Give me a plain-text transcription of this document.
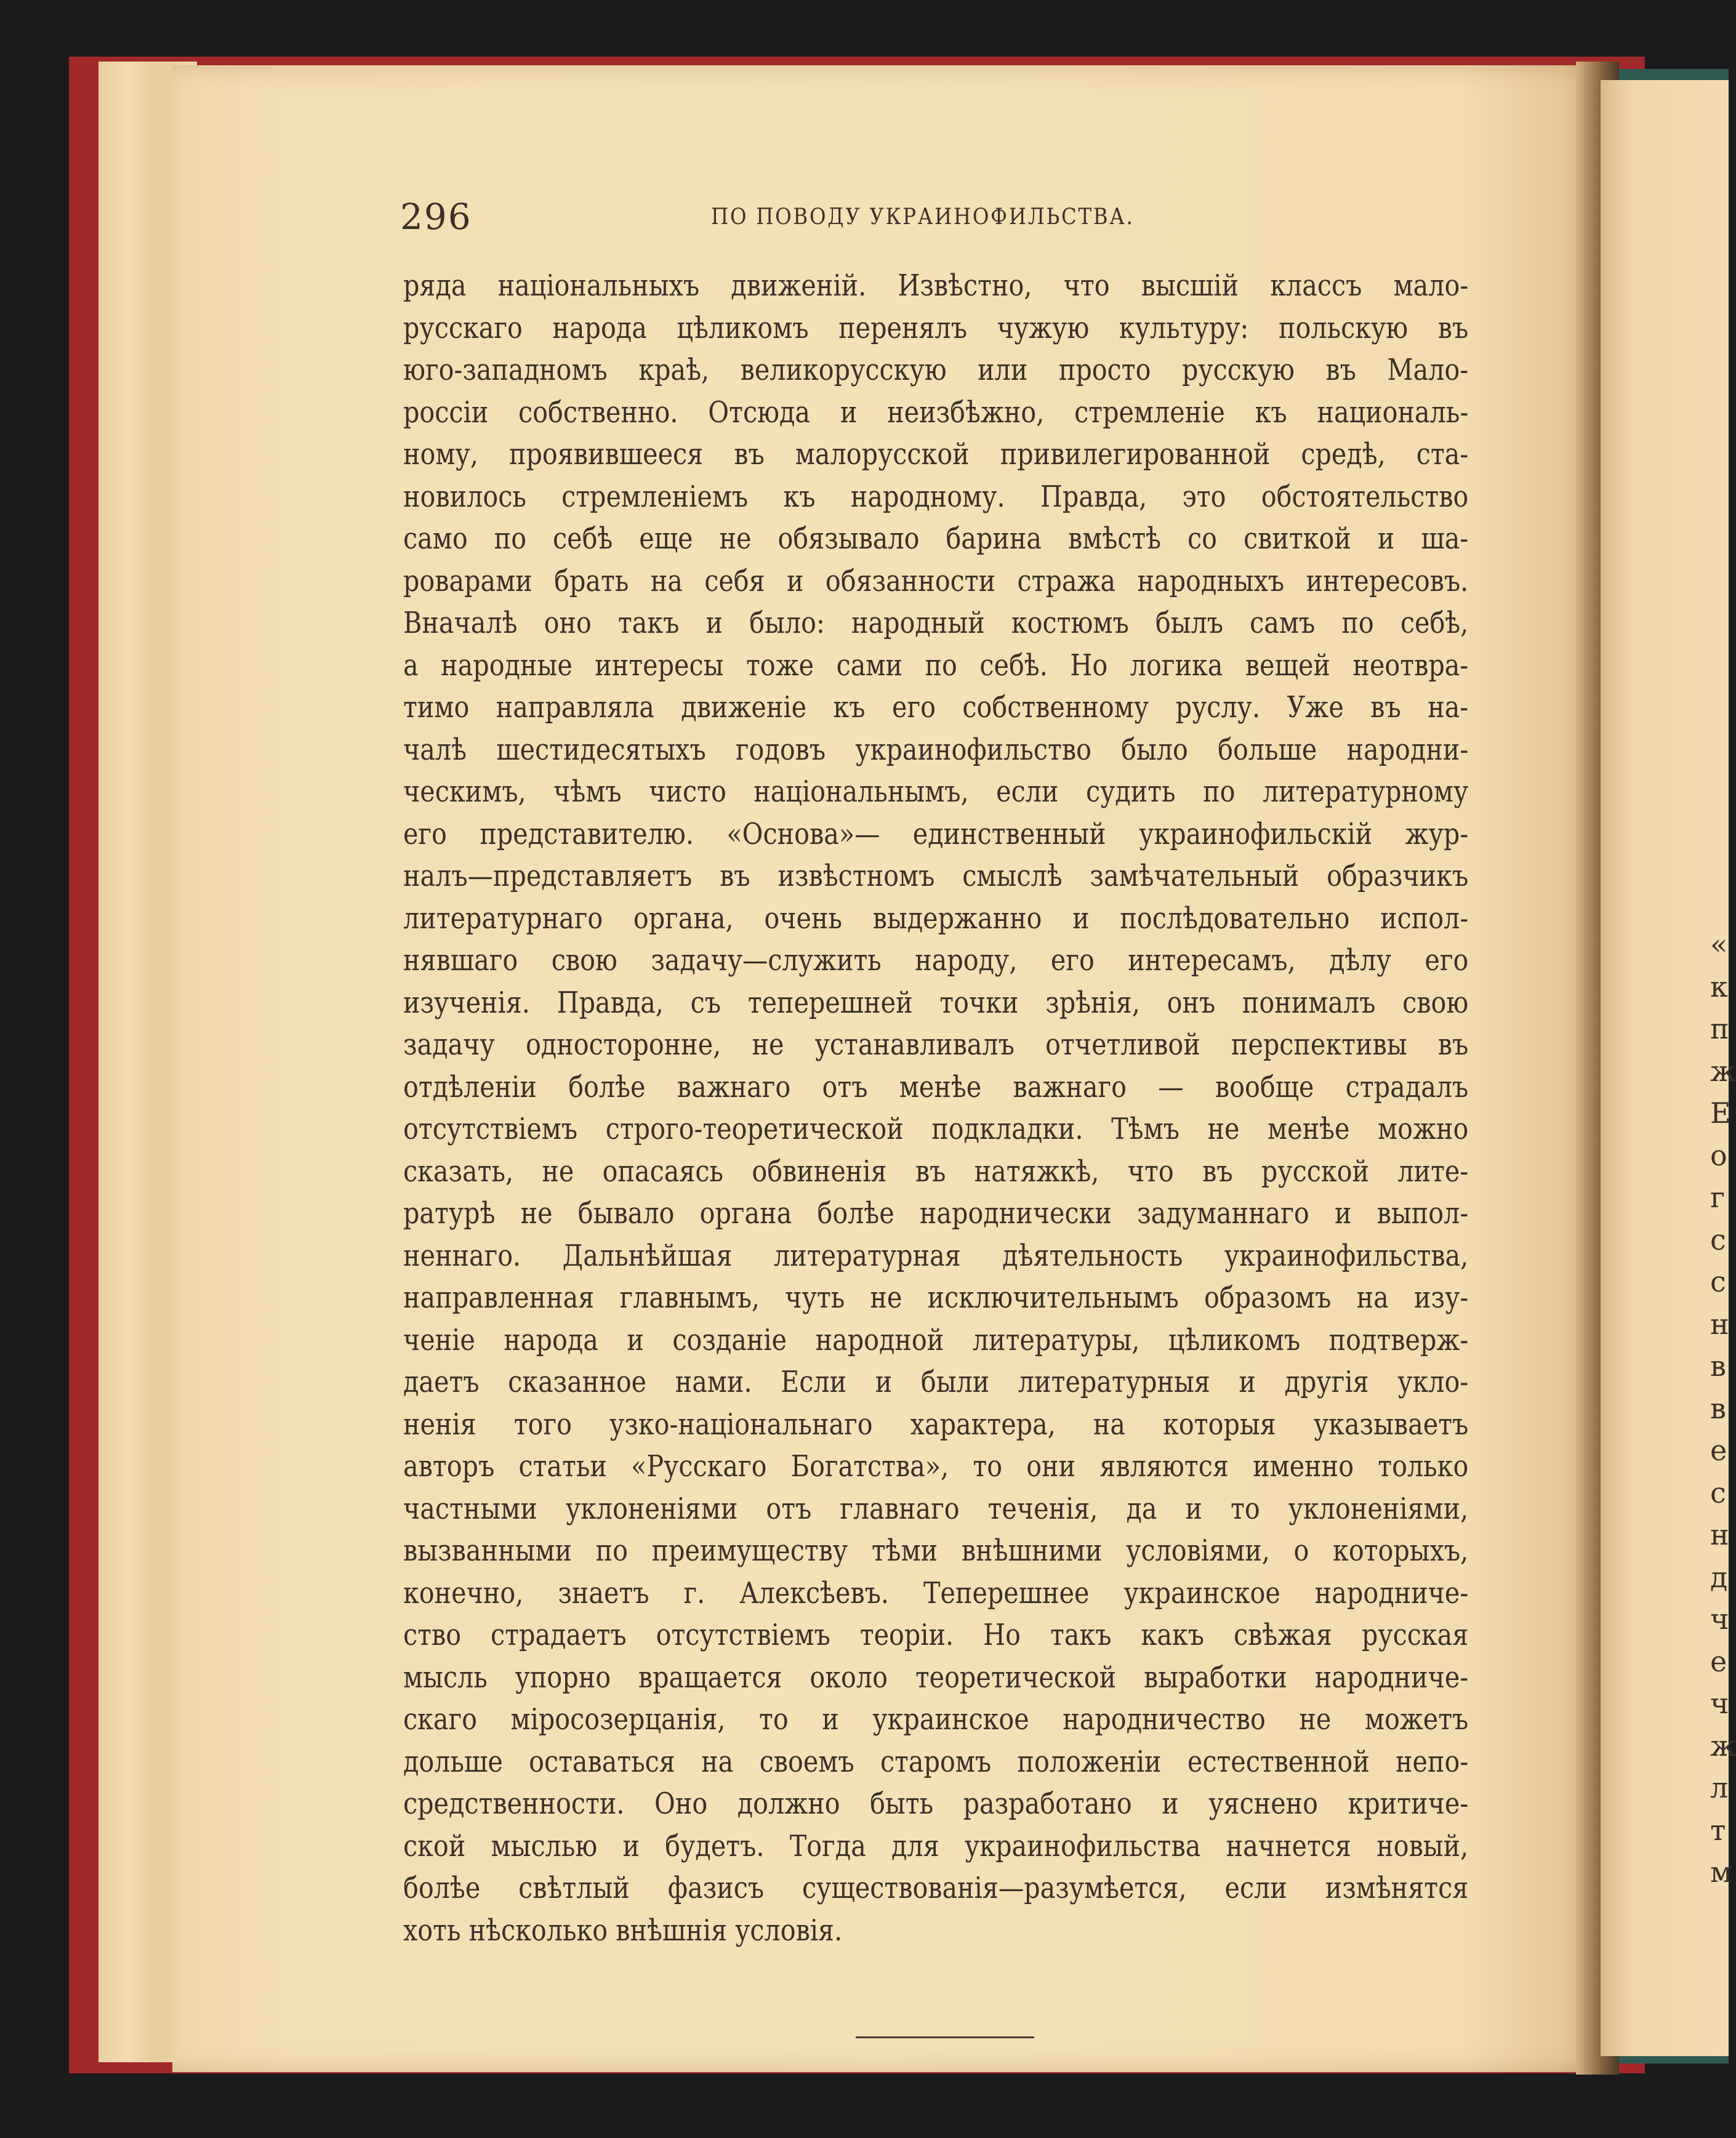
296	ПО ПОВОДУ УКРАИНОФИЛЬСТВА.
ряда національныхъ движеній. Извѣстно, что высшій классъ мало-
русскаго народа цѣликомъ перенялъ чужую культуру: польскую въ
юго-западномъ краѣ, великорусскую или просто русскую въ Мало-
россіи собственно. Отсюда и неизбѣжно, стремленіе къ националь-
ному, проявившееся въ малорусской привилегированной средѣ, ста-
новилось стремленіемъ къ народному. Правда, это обстоятельство
само по себѣ еще не обязывало барина вмѣстѣ со свиткой и ша-
роварами брать на себя и обязанности стража народныхъ интересовъ.
Вначалѣ оно такъ и было: народный костюмъ былъ самъ по себѣ,
а народные интересы тоже сами по себѣ. Но логика вещей неотвра-
тимо направляла движеніе къ его собственному руслу. Уже въ на-
чалѣ шестидесятыхъ годовъ украинофильство было больше народни-
ческимъ, чѣмъ чисто національнымъ, если судить по литературному
его представителю. «Основа»— единственный украинофильскій жур-
налъ—представляетъ въ извѣстномъ смыслѣ замѣчательный образчикъ
литературнаго органа, очень выдержанно и послѣдовательно испол-
нявшаго свою задачу—служить народу, его интересамъ, дѣлу его
изученія. Правда, съ теперешней точки зрѣнія, онъ понималъ свою
задачу односторонне, не устанавливалъ отчетливой перспективы въ
отдѣленіи болѣе важнаго отъ менѣе важнаго — вообще страдалъ
отсутствіемъ строго-теоретической подкладки. Тѣмъ не менѣе можно
сказать, не опасаясь обвиненія въ натяжкѣ, что въ русской лите-
ратурѣ не бывало органа болѣе народнически задуманнаго и выпол-
неннаго. Дальнѣйшая литературная дѣятельность украинофильства,
направленная главнымъ, чуть не исключительнымъ образомъ на изу-
ченіе народа и созданіе народной литературы, цѣликомъ подтверж-
даетъ сказанное нами. Если и были литературныя и другія укло-
ненія того узко-національнаго характера, на которыя указываетъ
авторъ статьи «Русскаго Богатства», то они являются именно только
частными уклоненіями отъ главнаго теченія, да и то уклоненіями,
вызванными по преимуществу тѣми внѣшними условіями, о которыхъ,
конечно, знаетъ г. Алексѣевъ. Теперешнее украинское народниче-
ство страдаетъ отсутствіемъ теоріи. Но такъ какъ свѣжая русская
мысль упорно вращается около теоретической выработки народниче-
скаго міросозерцанія, то и украинское народничество не можетъ
дольше оставаться на своемъ старомъ положеніи естественной непо-
средственности. Оно должно быть разработано и уяснено критиче-
ской мыслью и будетъ. Тогда для украинофильства начнется новый,
болѣе свѣтлый фазисъ существованія—разумѣется, если измѣнятся
хоть нѣсколько внѣшнія условія.
«
к
п
ж
Е
о
г
с
с
н
в
в
е
с
н
д
ч
е
ч
ж
л
т
м
